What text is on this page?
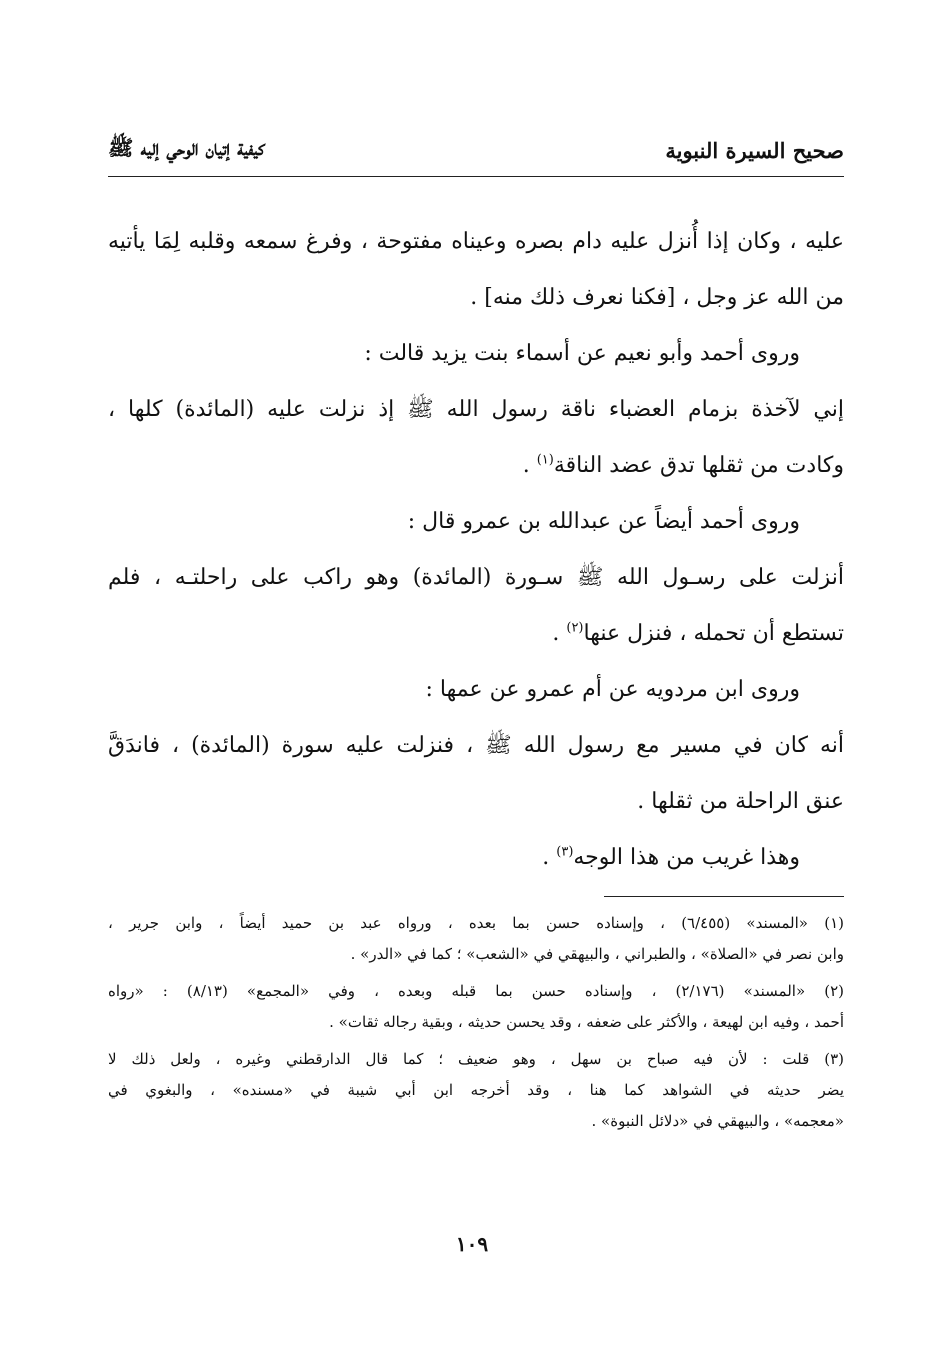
صحيح السيرة النبوية
كيفية إتيان الوحي إليه ﷺ

عليه ، وكان إذا أُنزل عليه دام بصره وعيناه مفتوحة ، وفرغ سمعه وقلبه لِمَا يأتيه

من الله عز وجل ، [فكنا نعرف ذلك منه] .

وروى أحمد وأبو نعيم عن أسماء بنت يزيد قالت :

إني لآخذة بزمام العضباء ناقة رسول الله ﷺ إذ نزلت عليه (المائدة) كلها ،

وكادت من ثقلها تدق عضد الناقة$^{(١)}$ .

وروى أحمد أيضاً عن عبدالله بن عمرو قال :

أنزلت على رسـول الله ﷺ سـورة (المائدة) وهو راكب على راحلتـه ، فلم

تستطع أن تحمله ، فنزل عنها$^{(٢)}$ .

وروى ابن مردويه عن أم عمرو عن عمها :

أنه كان في مسير مع رسول الله ﷺ ، فنزلت عليه سورة (المائدة) ، فاندَقَّ

عنق الراحلة من ثقلها .

وهذا غريب من هذا الوجه$^{(٣)}$ .

(١) «المسند» (٦/٤٥٥) ، وإسناده حسن بما بعده ، ورواه عبد بن حميد أيضاً ، وابن جرير ،

وابن نصر في «الصلاة» ، والطبراني ، والبيهقي في «الشعب» ؛ كما في «الدر» .

(٢) «المسند» (٢/١٧٦) ، وإسناده حسن بما قبله وبعده ، وفي «المجمع» (٨/١٣) : «رواه

أحمد ، وفيه ابن لهيعة ، والأكثر على ضعفه ، وقد يحسن حديثه ، وبقية رجاله ثقات» .

(٣) قلت : لأن فيه صباح بن سهل ، وهو ضعيف ؛ كما قال الدارقطني وغيره ، ولعل ذلك لا

يضر حديثه في الشواهد كما هنا ، وقد أخرجه ابن أبي شيبة في «مسنده» ، والبغوي في

«معجمه» ، والبيهقي في «دلائل النبوة» .

١٠٩
